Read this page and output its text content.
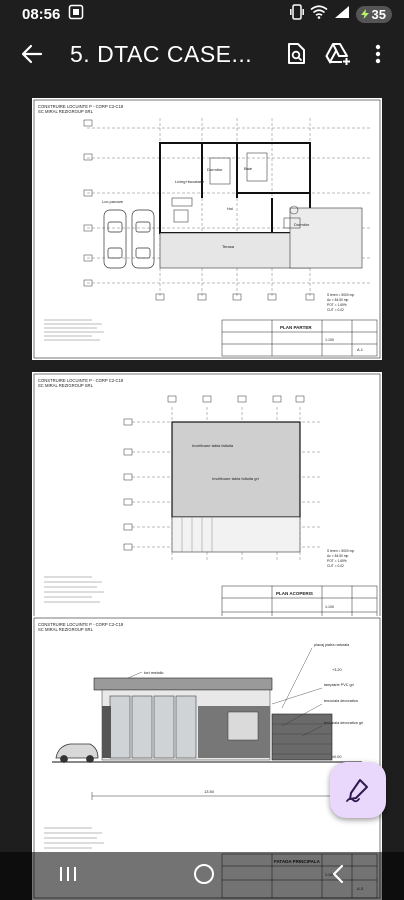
08:56	35
5. DTAC CASE...
CONSTRUIRE LOCUINTE P - CORP C2-C19
SC MIRAL REZIGROUP SRL
Living+bucatarie
Dormitor	Baie
Hol
Dormitor
Terasa
Loc parcare
S teren = 5000 mp
Ac = 84.50 mp
POT = 1.69%
CUT = 0.02
PLAN PARTER
1:100
A.1
CONSTRUIRE LOCUINTE P - CORP C2-C19
SC MIRAL REZIGROUP SRL
Invelitoare tabla faltuita
Invelitoare tabla faltuita gri
S teren = 5000 mp
Ac = 84.50 mp
POT = 1.69%
CUT = 0.02
PLAN ACOPERIS
1:100
CONSTRUIRE LOCUINTE P - CORP C2-C19
SC MIRAL REZIGROUP SRL
tort metalic
placaj piatra naturala
tamplarie PVC gri
tencuiala decorativa
tencuiala decorativa gri
+3.20
±0.00
13.50
